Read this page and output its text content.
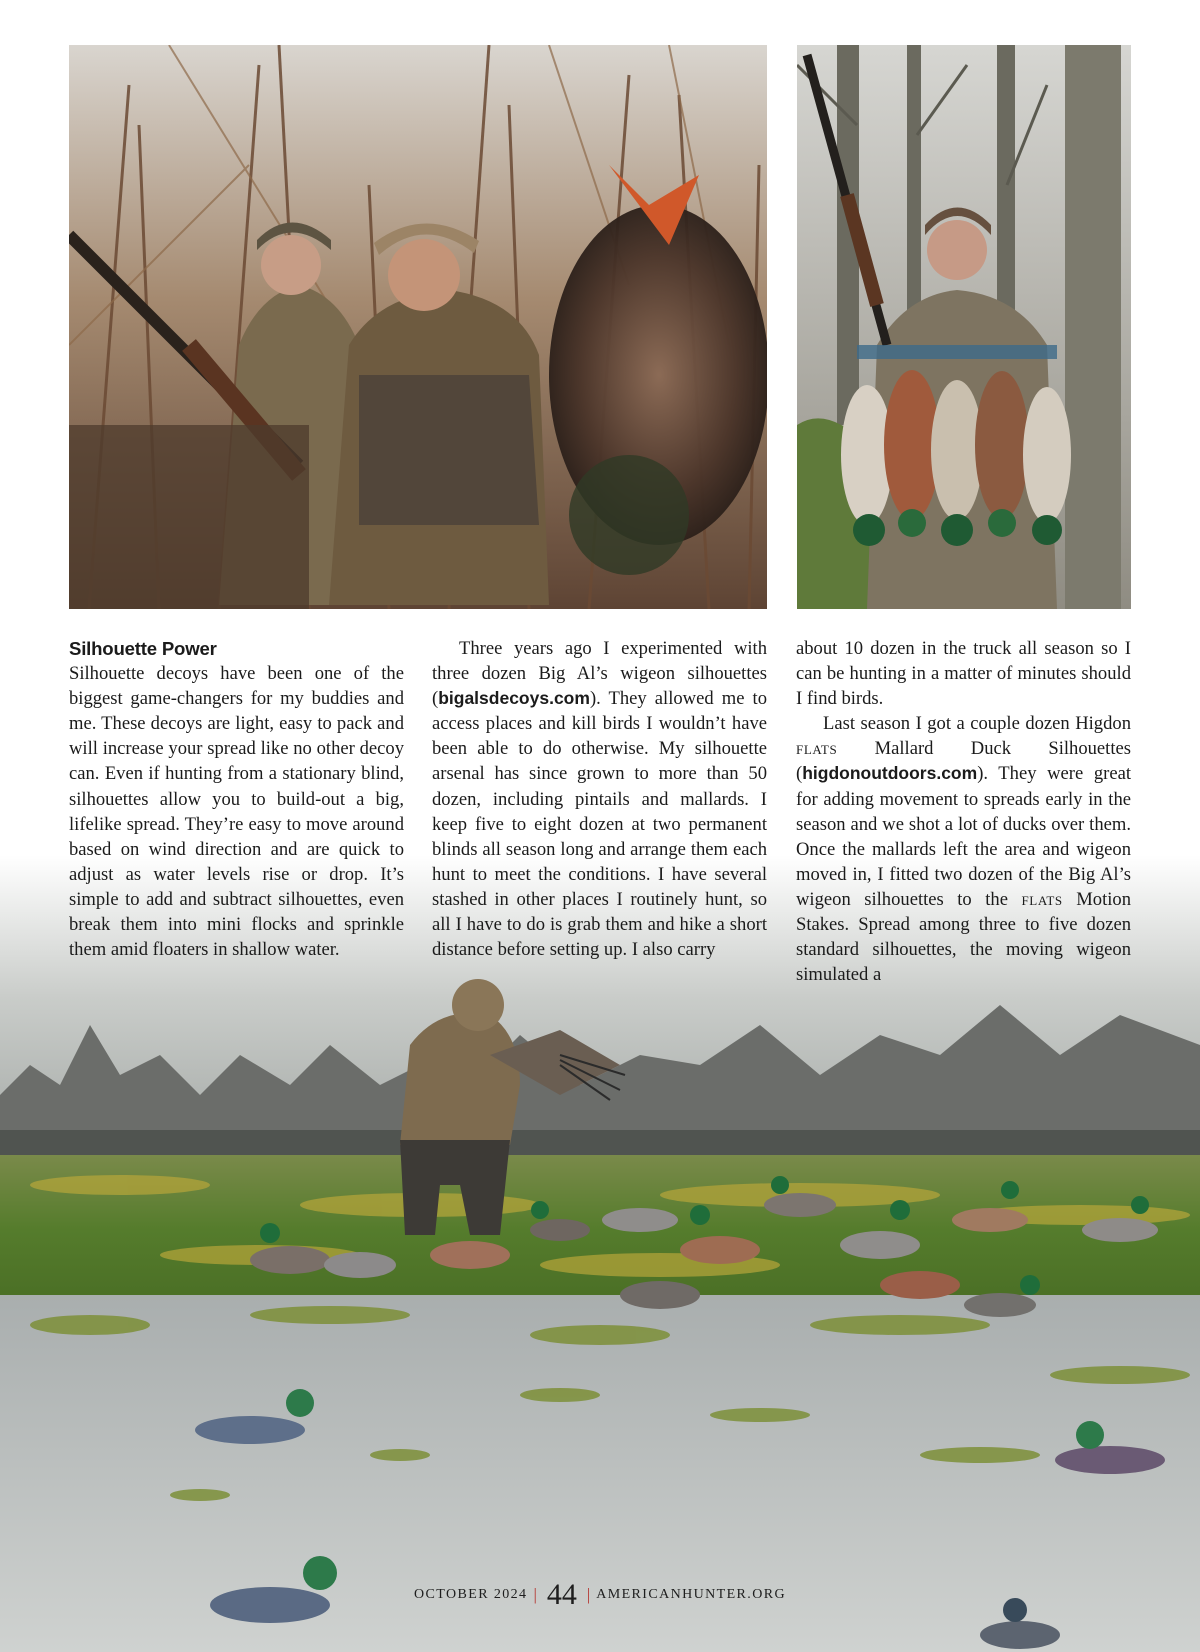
Silhouette Power

Silhouette decoys have been one of the biggest game-changers for my buddies and me. These decoys are light, easy to pack and will increase your spread like no other decoy can. Even if hunting from a stationary blind, silhouettes allow you to build-out a big, lifelike spread. They’re easy to move around based on wind direction and are quick to adjust as water levels rise or drop. It’s simple to add and subtract silhouettes, even break them into mini flocks and sprinkle them amid floaters in shallow water.

Three years ago I experimented with three dozen Big Al’s wigeon silhouettes (bigalsdecoys.com). They allowed me to access places and kill birds I wouldn’t have been able to do otherwise. My silhouette arsenal has since grown to more than 50 dozen, including pintails and mallards. I keep five to eight dozen at two permanent blinds all season long and arrange them each hunt to meet the conditions. I have several stashed in other places I routinely hunt, so all I have to do is grab them and hike a short distance before setting up. I also carry

about 10 dozen in the truck all season so I can be hunting in a matter of minutes should I find birds.

Last season I got a couple dozen Higdon flats Mallard Duck Silhouettes (higdonoutdoors.com). They were great for adding movement to spreads early in the season and we shot a lot of ducks over them. Once the mallards left the area and wigeon moved in, I fitted two dozen of the Big Al’s wigeon silhouettes to the flats Motion Stakes. Spread among three to five dozen standard silhouettes, the moving wigeon simulated a

OCTOBER 2024 | 44 | AMERICANHUNTER.ORG
